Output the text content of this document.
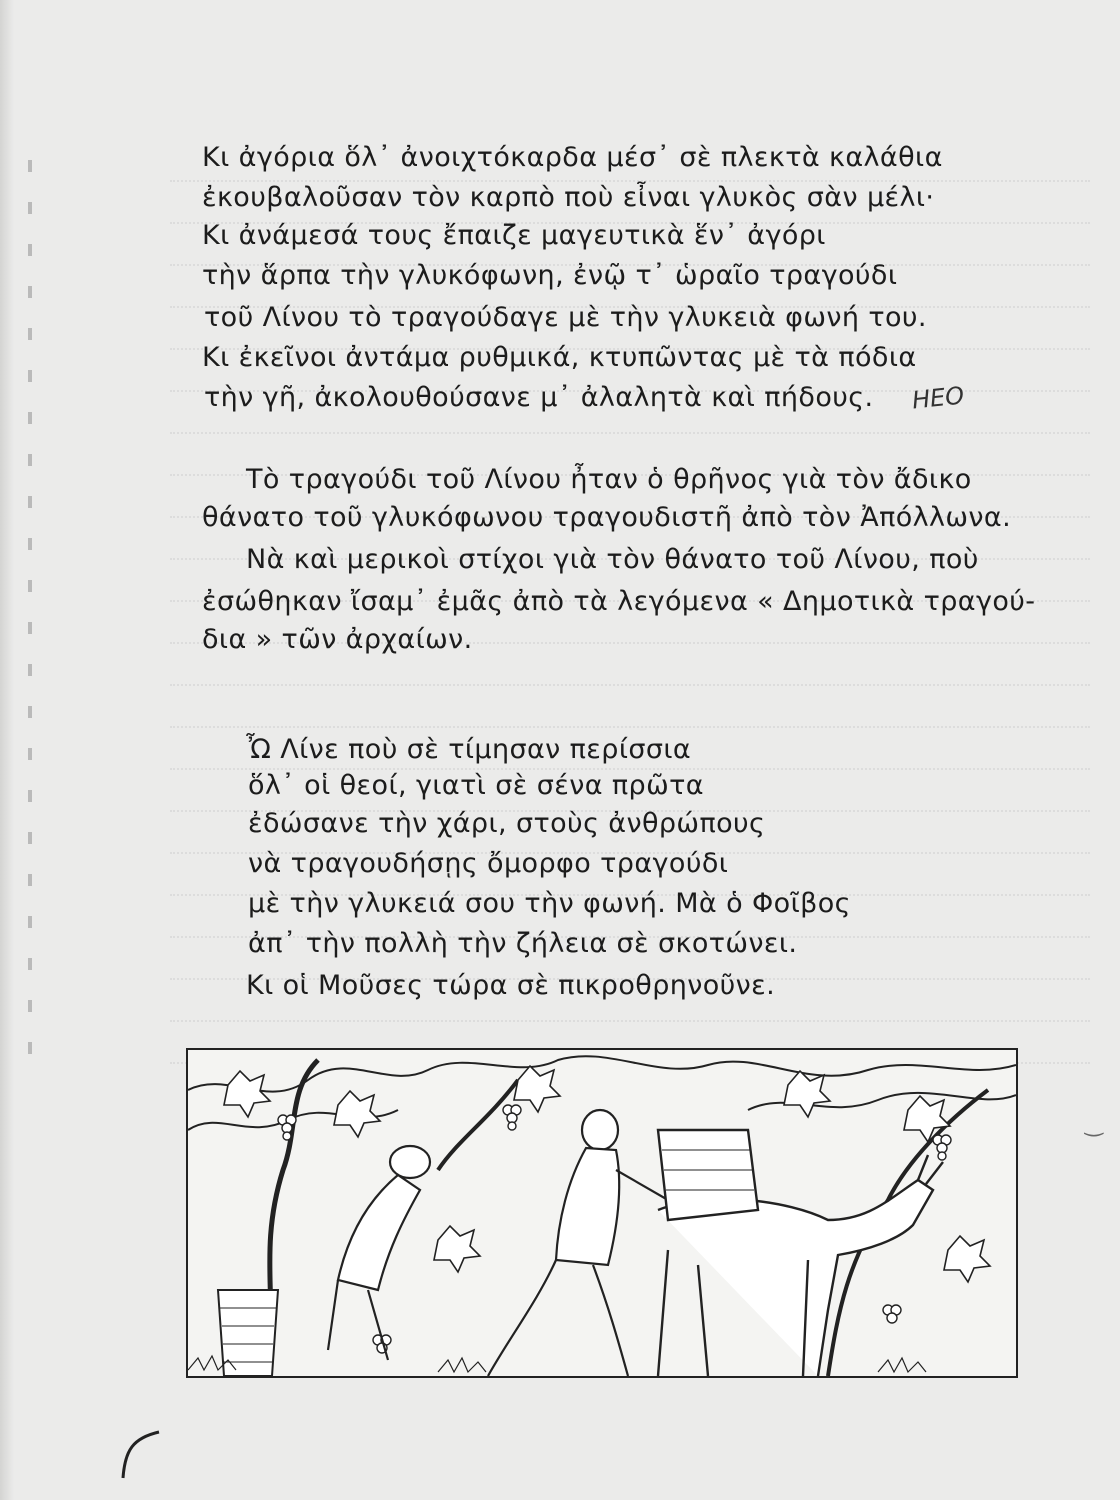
Κι ἀγόρια ὅλ᾿ ἀνοιχτόκαρδα μέσ᾿ σὲ πλεκτὰ καλάθια
ἐκουβαλοῦσαν τὸν καρπὸ ποὺ εἶναι γλυκὸς σὰν μέλι·
Κι ἀνάμεσά τους ἔπαιζε μαγευτικὰ ἕν᾿ ἀγόρι
τὴν ἅρπα τὴν γλυκόφωνη, ἐνῷ τ᾿ ὡραῖο τραγούδι
τοῦ Λίνου τὸ τραγούδαγε μὲ τὴν γλυκειὰ φωνή του.
Κι ἐκεῖνοι ἀντάμα ρυθμικά, κτυπῶντας μὲ τὰ πόδια
τὴν γῆ, ἀκολουθούσανε μ᾿ ἀλαλητὰ καὶ πήδους. ΗΕΟ
Τὸ τραγούδι τοῦ Λίνου ἦταν ὁ θρῆνος γιὰ τὸν ἄδικο
θάνατο τοῦ γλυκόφωνου τραγουδιστῆ ἀπὸ τὸν Ἀπόλλωνα.
Νὰ καὶ μερικοὶ στίχοι γιὰ τὸν θάνατο τοῦ Λίνου, ποὺ
ἐσώθηκαν ἴσαμ᾿ ἐμᾶς ἀπὸ τὰ λεγόμενα « Δημοτικὰ τραγού-
δια » τῶν ἀρχαίων.
Ὦ Λίνε ποὺ σὲ τίμησαν περίσσια
ὅλ᾿ οἱ θεοί, γιατὶ σὲ σένα πρῶτα
ἐδώσανε τὴν χάρι, στοὺς ἀνθρώπους
νὰ τραγουδήσῃς ὄμορφο τραγούδι
μὲ τὴν γλυκειά σου τὴν φωνή. Μὰ ὁ Φοῖβος
ἀπ᾿ τὴν πολλὴ τὴν ζήλεια σὲ σκοτώνει.
Κι οἱ Μοῦσες τώρα σὲ πικροθρηνοῦνε.
‿
